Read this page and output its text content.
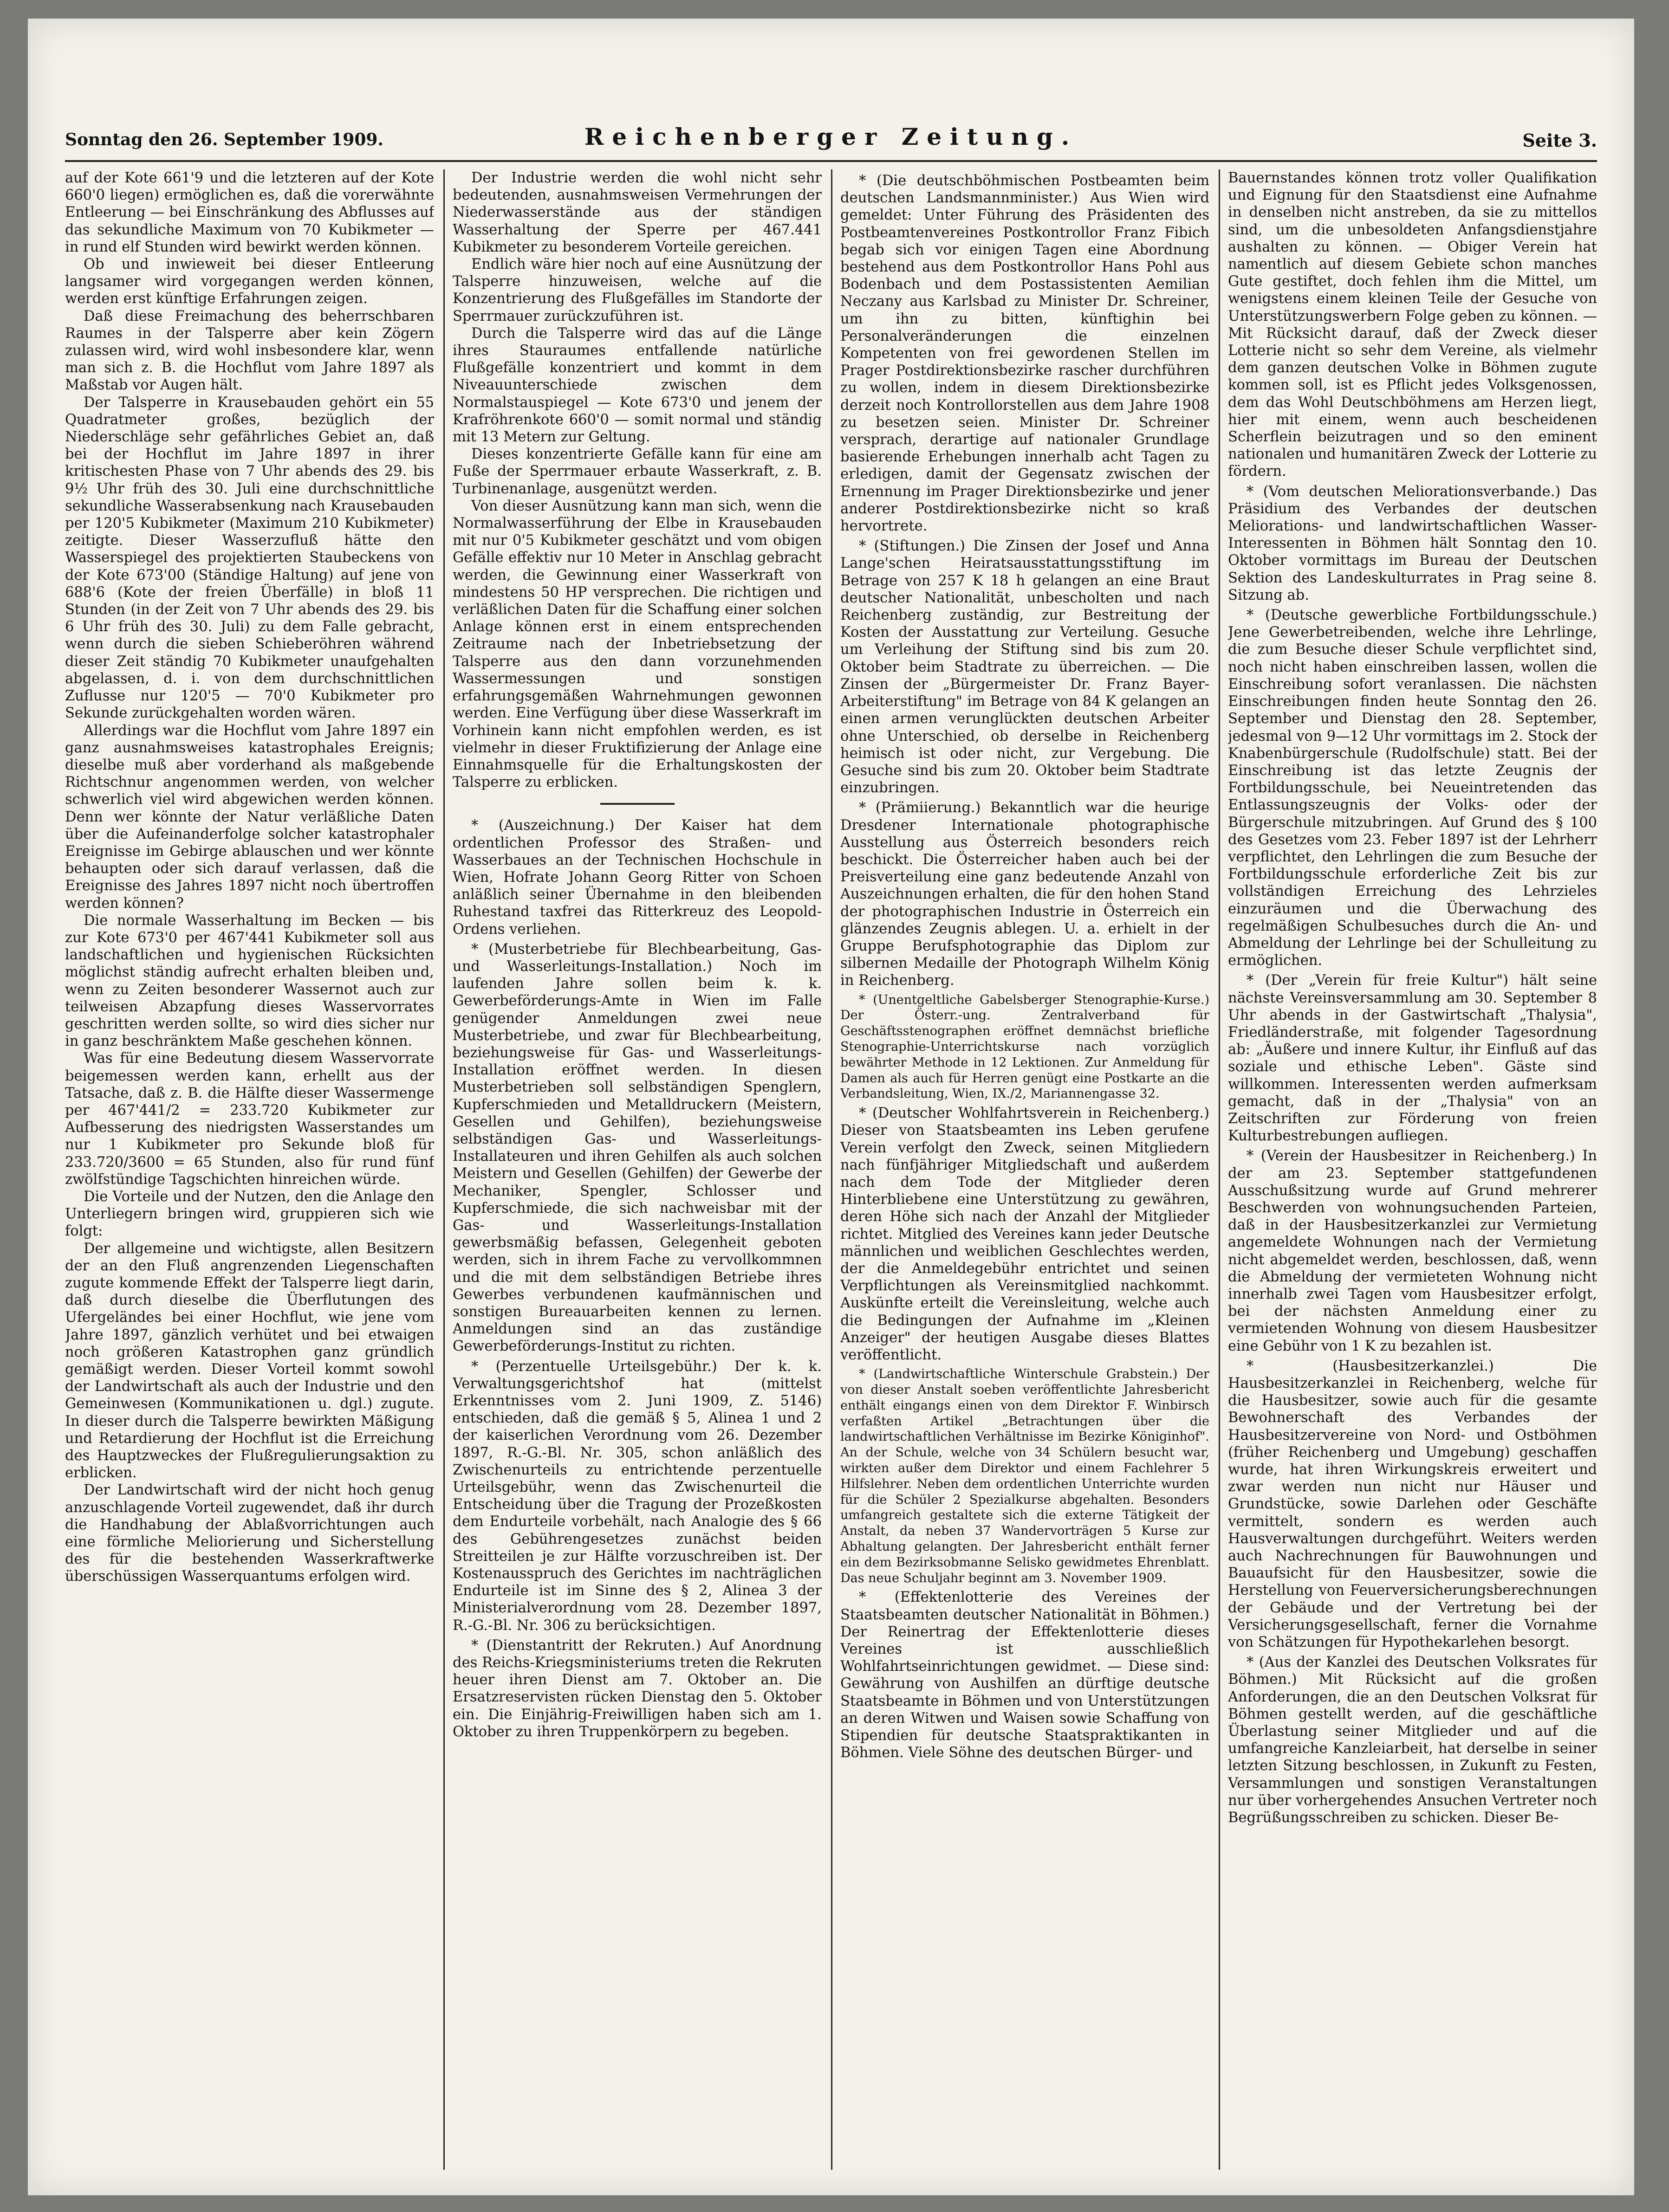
Sonntag den 26. September 1909.	Reichenberger Zeitung.	Seite 3.

auf der Kote 661'9 und die letzteren auf der Kote 660'0 liegen) ermöglichen es, daß die vorerwähnte Entleerung — bei Einschränkung des Abflusses auf das sekundliche Maximum von 70 Kubikmeter — in rund elf Stunden wird bewirkt werden können.

Ob und inwieweit bei dieser Entleerung langsamer wird vorgegangen werden können, werden erst künftige Erfahrungen zeigen.

Daß diese Freimachung des beherrschbaren Raumes in der Talsperre aber kein Zögern zulassen wird, wird wohl insbesondere klar, wenn man sich z. B. die Hochflut vom Jahre 1897 als Maßstab vor Augen hält.

Der Talsperre in Krausebauden gehört ein 55 Quadratmeter großes, bezüglich der Niederschläge sehr gefährliches Gebiet an, daß bei der Hochflut im Jahre 1897 in ihrer kritischesten Phase von 7 Uhr abends des 29. bis 9½ Uhr früh des 30. Juli eine durchschnittliche sekundliche Wasserabsenkung nach Krausebauden per 120'5 Kubikmeter (Maximum 210 Kubikmeter) zeitigte. Dieser Wasserzufluß hätte den Wasserspiegel des projektierten Staubeckens von der Kote 673'00 (Ständige Haltung) auf jene von 688'6 (Kote der freien Überfälle) in bloß 11 Stunden (in der Zeit von 7 Uhr abends des 29. bis 6 Uhr früh des 30. Juli) zu dem Falle gebracht, wenn durch die sieben Schieberöhren während dieser Zeit ständig 70 Kubikmeter unaufgehalten abgelassen, d. i. von dem durchschnittlichen Zuflusse nur 120'5 — 70'0 Kubikmeter pro Sekunde zurückgehalten worden wären.

Allerdings war die Hochflut vom Jahre 1897 ein ganz ausnahmsweises katastrophales Ereignis; dieselbe muß aber vorderhand als maßgebende Richtschnur angenommen werden, von welcher schwerlich viel wird abgewichen werden können. Denn wer könnte der Natur verläßliche Daten über die Aufeinanderfolge solcher katastrophaler Ereignisse im Gebirge ablauschen und wer könnte behaupten oder sich darauf verlassen, daß die Ereignisse des Jahres 1897 nicht noch übertroffen werden können?

Die normale Wasserhaltung im Becken — bis zur Kote 673'0 per 467'441 Kubikmeter soll aus landschaftlichen und hygienischen Rücksichten möglichst ständig aufrecht erhalten bleiben und, wenn zu Zeiten besonderer Wassernot auch zur teilweisen Abzapfung dieses Wasservorrates geschritten werden sollte, so wird dies sicher nur in ganz beschränktem Maße geschehen können.

Was für eine Bedeutung diesem Wasservorrate beigemessen werden kann, erhellt aus der Tatsache, daß z. B. die Hälfte dieser Wassermenge per 467'441/2 = 233.720 Kubikmeter zur Aufbesserung des niedrigsten Wasserstandes um nur 1 Kubikmeter pro Sekunde bloß für 233.720/3600 = 65 Stunden, also für rund fünf zwölfstündige Tagschichten hinreichen würde.

Die Vorteile und der Nutzen, den die Anlage den Unterliegern bringen wird, gruppieren sich wie folgt:

Der allgemeine und wichtigste, allen Besitzern der an den Fluß angrenzenden Liegenschaften zugute kommende Effekt der Talsperre liegt darin, daß durch dieselbe die Überflutungen des Ufergeländes bei einer Hochflut, wie jene vom Jahre 1897, gänzlich verhütet und bei etwaigen noch größeren Katastrophen ganz gründlich gemäßigt werden. Dieser Vorteil kommt sowohl der Landwirtschaft als auch der Industrie und den Gemeinwesen (Kommunikationen u. dgl.) zugute. In dieser durch die Talsperre bewirkten Mäßigung und Retardierung der Hochflut ist die Erreichung des Hauptzweckes der Flußregulierungsaktion zu erblicken.

Der Landwirtschaft wird der nicht hoch genug anzuschlagende Vorteil zugewendet, daß ihr durch die Handhabung der Ablaßvorrichtungen auch eine förmliche Meliorierung und Sicherstellung des für die bestehenden Wasserkraftwerke überschüssigen Wasserquantums erfolgen wird.

Der Industrie werden die wohl nicht sehr bedeutenden, ausnahmsweisen Vermehrungen der Niederwasserstände aus der ständigen Wasserhaltung der Sperre per 467.441 Kubikmeter zu besonderem Vorteile gereichen.

Endlich wäre hier noch auf eine Ausnützung der Talsperre hinzuweisen, welche auf die Konzentrierung des Flußgefälles im Standorte der Sperrmauer zurückzuführen ist.

Durch die Talsperre wird das auf die Länge ihres Stauraumes entfallende natürliche Flußgefälle konzentriert und kommt in dem Niveauunterschiede zwischen dem Normalstauspiegel — Kote 673'0 und jenem der Krafröhrenkote 660'0 — somit normal und ständig mit 13 Metern zur Geltung.

Dieses konzentrierte Gefälle kann für eine am Fuße der Sperrmauer erbaute Wasserkraft, z. B. Turbinenanlage, ausgenützt werden.

Von dieser Ausnützung kann man sich, wenn die Normalwasserführung der Elbe in Krausebauden mit nur 0'5 Kubikmeter geschätzt und vom obigen Gefälle effektiv nur 10 Meter in Anschlag gebracht werden, die Gewinnung einer Wasserkraft von mindestens 50 HP versprechen. Die richtigen und verläßlichen Daten für die Schaffung einer solchen Anlage können erst in einem entsprechenden Zeitraume nach der Inbetriebsetzung der Talsperre aus den dann vorzunehmenden Wassermessungen und sonstigen erfahrungsgemäßen Wahrnehmungen gewonnen werden. Eine Verfügung über diese Wasserkraft im Vorhinein kann nicht empfohlen werden, es ist vielmehr in dieser Fruktifizierung der Anlage eine Einnahmsquelle für die Erhaltungskosten der Talsperre zu erblicken.

* (Auszeichnung.) Der Kaiser hat dem ordentlichen Professor des Straßen- und Wasserbaues an der Technischen Hochschule in Wien, Hofrate Johann Georg Ritter von Schoen anläßlich seiner Übernahme in den bleibenden Ruhestand taxfrei das Ritterkreuz des Leopold-Ordens verliehen.

* (Musterbetriebe für Blechbearbeitung, Gas- und Wasserleitungs-Installation.) Noch im laufenden Jahre sollen beim k. k. Gewerbeförderungs-Amte in Wien im Falle genügender Anmeldungen zwei neue Musterbetriebe, und zwar für Blechbearbeitung, beziehungsweise für Gas- und Wasserleitungs-Installation eröffnet werden. In diesen Musterbetrieben soll selbständigen Spenglern, Kupferschmieden und Metalldruckern (Meistern, Gesellen und Gehilfen), beziehungsweise selbständigen Gas- und Wasserleitungs-Installateuren und ihren Gehilfen als auch solchen Meistern und Gesellen (Gehilfen) der Gewerbe der Mechaniker, Spengler, Schlosser und Kupferschmiede, die sich nachweisbar mit der Gas- und Wasserleitungs-Installation gewerbsmäßig befassen, Gelegenheit geboten werden, sich in ihrem Fache zu vervollkommnen und die mit dem selbständigen Betriebe ihres Gewerbes verbundenen kaufmännischen und sonstigen Bureauarbeiten kennen zu lernen. Anmeldungen sind an das zuständige Gewerbeförderungs-Institut zu richten.

* (Perzentuelle Urteilsgebühr.) Der k. k. Verwaltungsgerichtshof hat (mittelst Erkenntnisses vom 2. Juni 1909, Z. 5146) entschieden, daß die gemäß § 5, Alinea 1 und 2 der kaiserlichen Verordnung vom 26. Dezember 1897, R.-G.-Bl. Nr. 305, schon anläßlich des Zwischenurteils zu entrichtende perzentuelle Urteilsgebühr, wenn das Zwischenurteil die Entscheidung über die Tragung der Prozeßkosten dem Endurteile vorbehält, nach Analogie des § 66 des Gebührengesetzes zunächst beiden Streitteilen je zur Hälfte vorzuschreiben ist. Der Kostenausspruch des Gerichtes im nachträglichen Endurteile ist im Sinne des § 2, Alinea 3 der Ministerialverordnung vom 28. Dezember 1897, R.-G.-Bl. Nr. 306 zu berücksichtigen.

* (Dienstantritt der Rekruten.) Auf Anordnung des Reichs-Kriegsministeriums treten die Rekruten heuer ihren Dienst am 7. Oktober an. Die Ersatzreservisten rücken Dienstag den 5. Oktober ein. Die Einjährig-Freiwilligen haben sich am 1. Oktober zu ihren Truppenkörpern zu begeben.

* (Die deutschböhmischen Postbeamten beim deutschen Landsmannminister.) Aus Wien wird gemeldet: Unter Führung des Präsidenten des Postbeamtenvereines Postkontrollor Franz Fibich begab sich vor einigen Tagen eine Abordnung bestehend aus dem Postkontrollor Hans Pohl aus Bodenbach und dem Postassistenten Aemilian Neczany aus Karlsbad zu Minister Dr. Schreiner, um ihn zu bitten, künftighin bei Personalveränderungen die einzelnen Kompetenten von frei gewordenen Stellen im Prager Postdirektionsbezirke rascher durchführen zu wollen, indem in diesem Direktionsbezirke derzeit noch Kontrollorstellen aus dem Jahre 1908 zu besetzen seien. Minister Dr. Schreiner versprach, derartige auf nationaler Grundlage basierende Erhebungen innerhalb acht Tagen zu erledigen, damit der Gegensatz zwischen der Ernennung im Prager Direktionsbezirke und jener anderer Postdirektionsbezirke nicht so kraß hervortrete.

* (Stiftungen.) Die Zinsen der Josef und Anna Lange'schen Heiratsausstattungsstiftung im Betrage von 257 K 18 h gelangen an eine Braut deutscher Nationalität, unbescholten und nach Reichenberg zuständig, zur Bestreitung der Kosten der Ausstattung zur Verteilung. Gesuche um Verleihung der Stiftung sind bis zum 20. Oktober beim Stadtrate zu überreichen. — Die Zinsen der „Bürgermeister Dr. Franz Bayer-Arbeiterstiftung" im Betrage von 84 K gelangen an einen armen verunglückten deutschen Arbeiter ohne Unterschied, ob derselbe in Reichenberg heimisch ist oder nicht, zur Vergebung. Die Gesuche sind bis zum 20. Oktober beim Stadtrate einzubringen.

* (Prämiierung.) Bekanntlich war die heurige Dresdener Internationale photographische Ausstellung aus Österreich besonders reich beschickt. Die Österreicher haben auch bei der Preisverteilung eine ganz bedeutende Anzahl von Auszeichnungen erhalten, die für den hohen Stand der photographischen Industrie in Österreich ein glänzendes Zeugnis ablegen. U. a. erhielt in der Gruppe Berufsphotographie das Diplom zur silbernen Medaille der Photograph Wilhelm König in Reichenberg.

* (Unentgeltliche Gabelsberger Stenographie-Kurse.) Der Österr.-ung. Zentralverband für Geschäftsstenographen eröffnet demnächst briefliche Stenographie-Unterrichtskurse nach vorzüglich bewährter Methode in 12 Lektionen. Zur Anmeldung für Damen als auch für Herren genügt eine Postkarte an die Verbandsleitung, Wien, IX./2, Mariannengasse 32.

* (Deutscher Wohlfahrtsverein in Reichenberg.) Dieser von Staatsbeamten ins Leben gerufene Verein verfolgt den Zweck, seinen Mitgliedern nach fünfjähriger Mitgliedschaft und außerdem nach dem Tode der Mitglieder deren Hinterbliebene eine Unterstützung zu gewähren, deren Höhe sich nach der Anzahl der Mitglieder richtet. Mitglied des Vereines kann jeder Deutsche männlichen und weiblichen Geschlechtes werden, der die Anmeldegebühr entrichtet und seinen Verpflichtungen als Vereinsmitglied nachkommt. Auskünfte erteilt die Vereinsleitung, welche auch die Bedingungen der Aufnahme im „Kleinen Anzeiger" der heutigen Ausgabe dieses Blattes veröffentlicht.

* (Landwirtschaftliche Winterschule Grabstein.) Der von dieser Anstalt soeben veröffentlichte Jahresbericht enthält eingangs einen von dem Direktor F. Winbirsch verfaßten Artikel „Betrachtungen über die landwirtschaftlichen Verhältnisse im Bezirke Königinhof". An der Schule, welche von 34 Schülern besucht war, wirkten außer dem Direktor und einem Fachlehrer 5 Hilfslehrer. Neben dem ordentlichen Unterrichte wurden für die Schüler 2 Spezialkurse abgehalten. Besonders umfangreich gestaltete sich die externe Tätigkeit der Anstalt, da neben 37 Wandervorträgen 5 Kurse zur Abhaltung gelangten. Der Jahresbericht enthält ferner ein dem Bezirksobmanne Selisko gewidmetes Ehrenblatt. Das neue Schuljahr beginnt am 3. November 1909.

* (Effektenlotterie des Vereines der Staatsbeamten deutscher Nationalität in Böhmen.) Der Reinertrag der Effektenlotterie dieses Vereines ist ausschließlich Wohlfahrtseinrichtungen gewidmet. — Diese sind: Gewährung von Aushilfen an dürftige deutsche Staatsbeamte in Böhmen und von Unterstützungen an deren Witwen und Waisen sowie Schaffung von Stipendien für deutsche Staatspraktikanten in Böhmen. Viele Söhne des deutschen Bürger- und

Bauernstandes können trotz voller Qualifikation und Eignung für den Staatsdienst eine Aufnahme in denselben nicht anstreben, da sie zu mittellos sind, um die unbesoldeten Anfangsdienstjahre aushalten zu können. — Obiger Verein hat namentlich auf diesem Gebiete schon manches Gute gestiftet, doch fehlen ihm die Mittel, um wenigstens einem kleinen Teile der Gesuche von Unterstützungswerbern Folge geben zu können. — Mit Rücksicht darauf, daß der Zweck dieser Lotterie nicht so sehr dem Vereine, als vielmehr dem ganzen deutschen Volke in Böhmen zugute kommen soll, ist es Pflicht jedes Volksgenossen, dem das Wohl Deutschböhmens am Herzen liegt, hier mit einem, wenn auch bescheidenen Scherflein beizutragen und so den eminent nationalen und humanitären Zweck der Lotterie zu fördern.

* (Vom deutschen Meliorationsverbande.) Das Präsidium des Verbandes der deutschen Meliorations- und landwirtschaftlichen Wasser-Interessenten in Böhmen hält Sonntag den 10. Oktober vormittags im Bureau der Deutschen Sektion des Landeskulturrates in Prag seine 8. Sitzung ab.

* (Deutsche gewerbliche Fortbildungsschule.) Jene Gewerbetreibenden, welche ihre Lehrlinge, die zum Besuche dieser Schule verpflichtet sind, noch nicht haben einschreiben lassen, wollen die Einschreibung sofort veranlassen. Die nächsten Einschreibungen finden heute Sonntag den 26. September und Dienstag den 28. September, jedesmal von 9—12 Uhr vormittags im 2. Stock der Knabenbürgerschule (Rudolfschule) statt. Bei der Einschreibung ist das letzte Zeugnis der Fortbildungsschule, bei Neueintretenden das Entlassungszeugnis der Volks- oder der Bürgerschule mitzubringen. Auf Grund des § 100 des Gesetzes vom 23. Feber 1897 ist der Lehrherr verpflichtet, den Lehrlingen die zum Besuche der Fortbildungsschule erforderliche Zeit bis zur vollständigen Erreichung des Lehrzieles einzuräumen und die Überwachung des regelmäßigen Schulbesuches durch die An- und Abmeldung der Lehrlinge bei der Schulleitung zu ermöglichen.

* (Der „Verein für freie Kultur") hält seine nächste Vereinsversammlung am 30. September 8 Uhr abends in der Gastwirtschaft „Thalysia", Friedländerstraße, mit folgender Tagesordnung ab: „Äußere und innere Kultur, ihr Einfluß auf das soziale und ethische Leben". Gäste sind willkommen. Interessenten werden aufmerksam gemacht, daß in der „Thalysia" von an Zeitschriften zur Förderung von freien Kulturbestrebungen aufliegen.

* (Verein der Hausbesitzer in Reichenberg.) In der am 23. September stattgefundenen Ausschußsitzung wurde auf Grund mehrerer Beschwerden von wohnungsuchenden Parteien, daß in der Hausbesitzerkanzlei zur Vermietung angemeldete Wohnungen nach der Vermietung nicht abgemeldet werden, beschlossen, daß, wenn die Abmeldung der vermieteten Wohnung nicht innerhalb zwei Tagen vom Hausbesitzer erfolgt, bei der nächsten Anmeldung einer zu vermietenden Wohnung von diesem Hausbesitzer eine Gebühr von 1 K zu bezahlen ist.

* (Hausbesitzerkanzlei.) Die Hausbesitzerkanzlei in Reichenberg, welche für die Hausbesitzer, sowie auch für die gesamte Bewohnerschaft des Verbandes der Hausbesitzervereine von Nord- und Ostböhmen (früher Reichenberg und Umgebung) geschaffen wurde, hat ihren Wirkungskreis erweitert und zwar werden nun nicht nur Häuser und Grundstücke, sowie Darlehen oder Geschäfte vermittelt, sondern es werden auch Hausverwaltungen durchgeführt. Weiters werden auch Nachrechnungen für Bauwohnungen und Bauaufsicht für den Hausbesitzer, sowie die Herstellung von Feuerversicherungsberechnungen der Gebäude und der Vertretung bei der Versicherungsgesellschaft, ferner die Vornahme von Schätzungen für Hypothekarlehen besorgt.

* (Aus der Kanzlei des Deutschen Volksrates für Böhmen.) Mit Rücksicht auf die großen Anforderungen, die an den Deutschen Volksrat für Böhmen gestellt werden, auf die geschäftliche Überlastung seiner Mitglieder und auf die umfangreiche Kanzleiarbeit, hat derselbe in seiner letzten Sitzung beschlossen, in Zukunft zu Festen, Versammlungen und sonstigen Veranstaltungen nur über vorhergehendes Ansuchen Vertreter noch Begrüßungsschreiben zu schicken. Dieser Be-
